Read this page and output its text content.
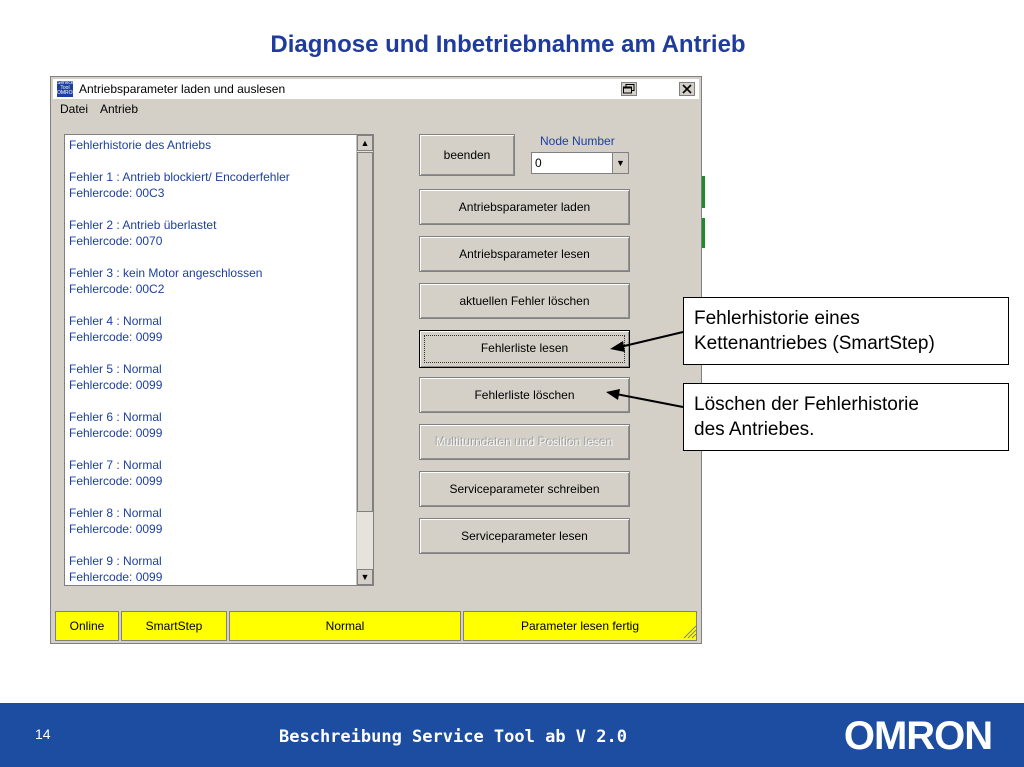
Diagnose und Inbetriebnahme am Antrieb
Service Tool OMRON Antriebsparameter laden und auslesen
Datei Antrieb
Fehlerhistorie des Antriebs

Fehler 1 : Antrieb blockiert/ Encoderfehler
Fehlercode: 00C3

Fehler 2 : Antrieb überlastet
Fehlercode: 0070

Fehler 3 : kein Motor angeschlossen
Fehlercode: 00C2

Fehler 4 : Normal
Fehlercode: 0099

Fehler 5 : Normal
Fehlercode: 0099

Fehler 6 : Normal
Fehlercode: 0099

Fehler 7 : Normal
Fehlercode: 0099

Fehler 8 : Normal
Fehlercode: 0099

Fehler 9 : Normal
Fehlercode: 0099
▲
▼
beenden
Node Number
0	▼
Antriebsparameter laden
Antriebsparameter lesen
aktuellen Fehler löschen
Fehlerliste lesen
Fehlerliste löschen
Multiturndaten und Position lesen
Serviceparameter schreiben
Serviceparameter lesen
Online	SmartStep	Normal	Parameter lesen fertig
Fehlerhistorie eines
Kettenantriebes (SmartStep)
Löschen der Fehlerhistorie
des Antriebes.
14	Beschreibung Service Tool ab V 2.0	OMRON
